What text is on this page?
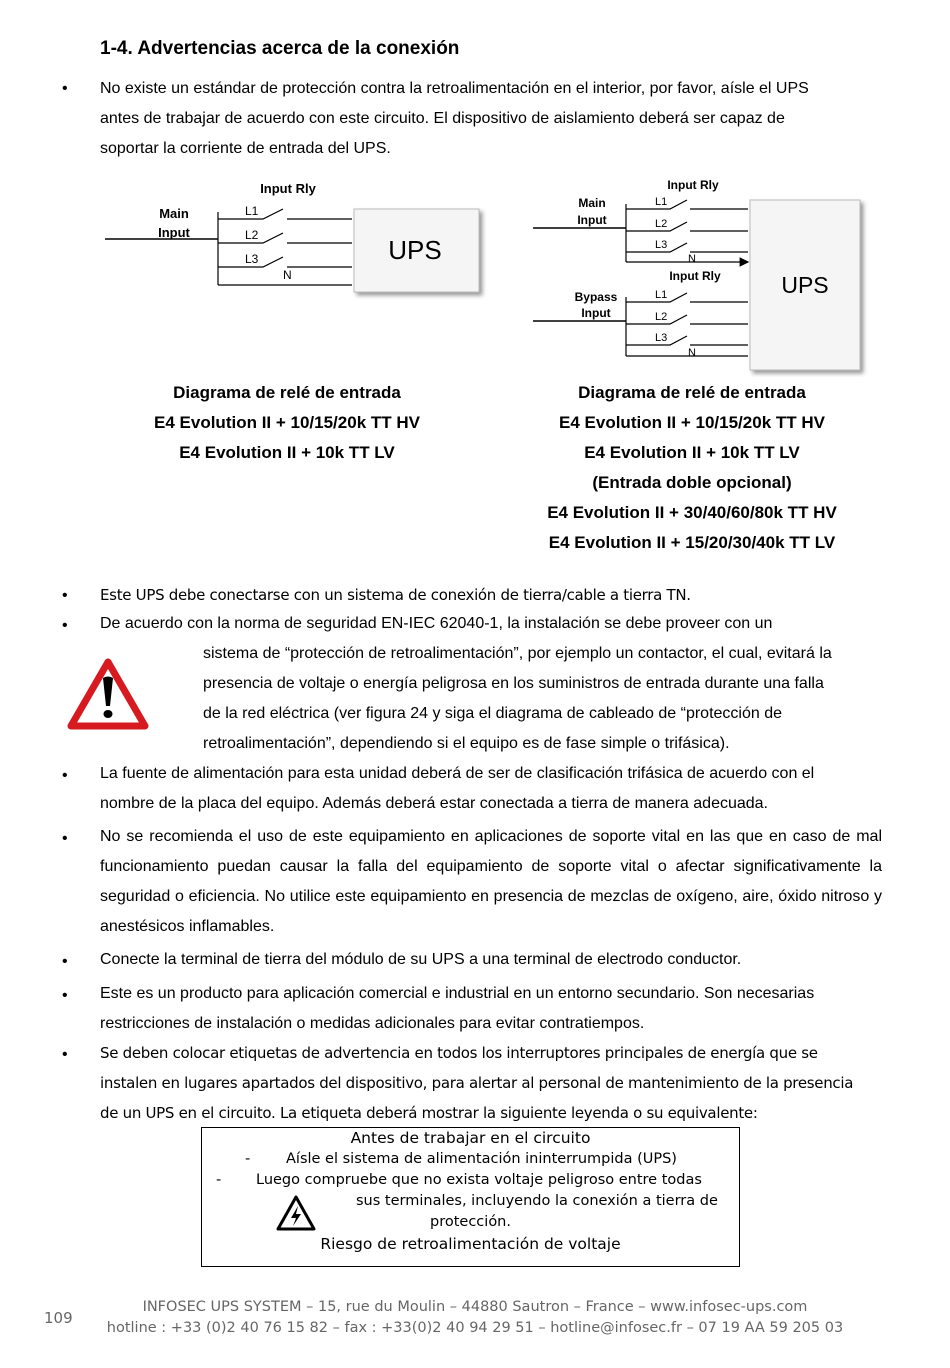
1-4. Advertencias acerca de la conexión
• No existe un estándar de protección contra la retroalimentación en el interior, por favor, aísle el UPS
antes de trabajar de acuerdo con este circuito. El dispositivo de aislamiento deberá ser capaz de
soportar la corriente de entrada del UPS.
Main
Input
Input Rly
L1
L2
L3
N
UPS
Main
Input
Input Rly
L1
L2
L3
N
Bypass
Input
Input Rly
L1
L2
L3
N
UPS
Diagrama de relé de entrada
E4 Evolution II + 10/15/20k TT HV
E4 Evolution II + 10k TT LV
Diagrama de relé de entrada
E4 Evolution II + 10/15/20k TT HV
E4 Evolution II + 10k TT LV
(Entrada doble opcional)
E4 Evolution II + 30/40/60/80k TT HV
E4 Evolution II + 15/20/30/40k TT LV
• Este UPS debe conectarse con un sistema de conexión de tierra/cable a tierra TN.
• De acuerdo con la norma de seguridad EN-IEC 62040-1, la instalación se debe proveer con un
sistema de “protección de retroalimentación”, por ejemplo un contactor, el cual, evitará la
presencia de voltaje o energía peligrosa en los suministros de entrada durante una falla
de la red eléctrica (ver figura 24 y siga el diagrama de cableado de “protección de
retroalimentación”, dependiendo si el equipo es de fase simple o trifásica).
• La fuente de alimentación para esta unidad deberá de ser de clasificación trifásica de acuerdo con el
nombre de la placa del equipo. Además deberá estar conectada a tierra de manera adecuada.
• No se recomienda el uso de este equipamiento en aplicaciones de soporte vital en las que en caso de mal funcionamiento puedan causar la falla del equipamiento de soporte vital o afectar significativamente la seguridad o eficiencia. No utilice este equipamiento en presencia de mezclas de oxígeno, aire, óxido nitroso y anestésicos inflamables.
• Conecte la terminal de tierra del módulo de su UPS a una terminal de electrodo conductor.
• Este es un producto para aplicación comercial e industrial en un entorno secundario. Son necesarias
restricciones de instalación o medidas adicionales para evitar contratiempos.
• Se deben colocar etiquetas de advertencia en todos los interruptores principales de energía que se
instalen en lugares apartados del dispositivo, para alertar al personal de mantenimiento de la presencia
de un UPS en el circuito. La etiqueta deberá mostrar la siguiente leyenda o su equivalente:
Antes de trabajar en el circuito
- Aísle el sistema de alimentación ininterrumpida (UPS)
- Luego compruebe que no exista voltaje peligroso entre todas
sus terminales, incluyendo la conexión a tierra de
protección.
Riesgo de retroalimentación de voltaje
109
INFOSEC UPS SYSTEM – 15, rue du Moulin – 44880 Sautron – France – www.infosec-ups.com
hotline : +33 (0)2 40 76 15 82 – fax : +33(0)2 40 94 29 51 – hotline@infosec.fr – 07 19 AA 59 205 03
